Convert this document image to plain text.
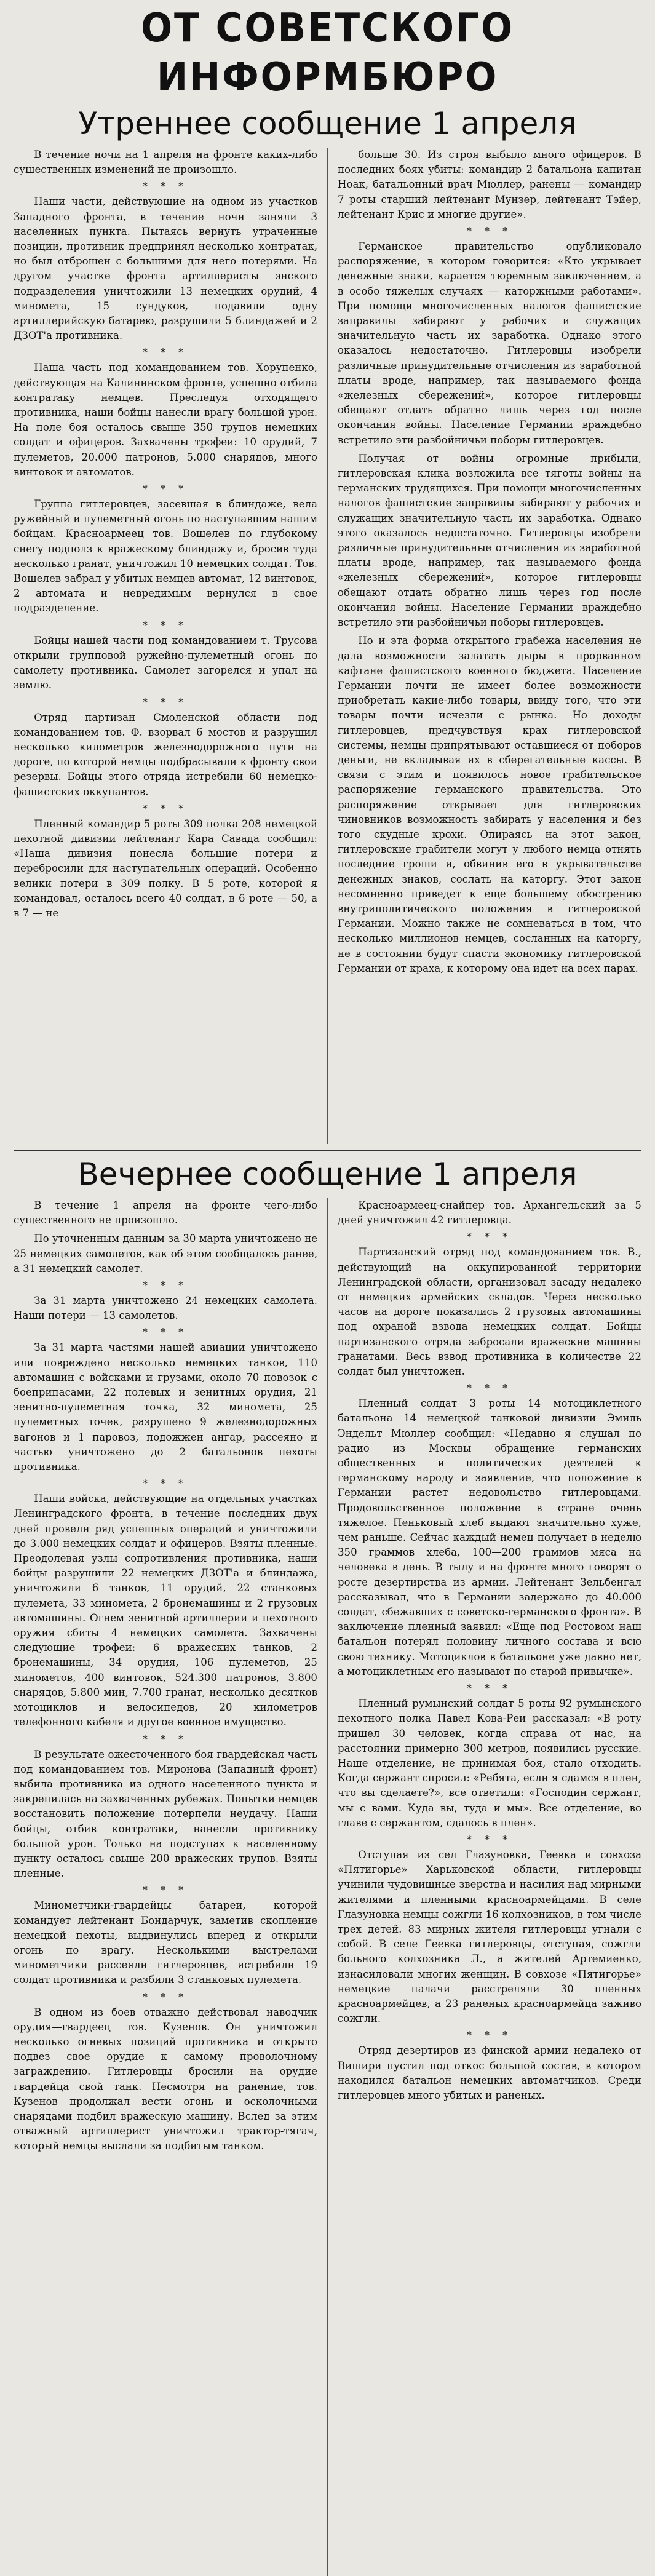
ОТ СОВЕТСКОГО ИНФОРМБЮРО
Утреннее сообщение 1 апреля

В течение ночи на 1 апреля на фронте каких-либо существенных изменений не произошло.

* * *

Наши части, действующие на одном из участков Западного фронта, в течение ночи заняли 3 населенных пункта. Пытаясь вернуть утраченные позиции, противник предпринял несколько контратак, но был отброшен с большими для него потерями. На другом участке фронта артиллеристы энского подразделения уничтожили 13 немецких орудий, 4 миномета, 15 сундуков, подавили одну артиллерийскую батарею, разрушили 5 блиндажей и 2 ДЗОТ'а противника.

* * *

Наша часть под командованием тов. Хорупенко, действующая на Калининском фронте, успешно отбила контратаку немцев. Преследуя отходящего противника, наши бойцы нанесли врагу большой урон. На поле боя осталось свыше 350 трупов немецких солдат и офицеров. Захвачены трофеи: 10 орудий, 7 пулеметов, 20.000 патронов, 5.000 снарядов, много винтовок и автоматов.

* * *

Группа гитлеровцев, засевшая в блиндаже, вела ружейный и пулеметный огонь по наступавшим нашим бойцам. Красноармеец тов. Вошелев по глубокому снегу подполз к вражескому блиндажу и, бросив туда несколько гранат, уничтожил 10 немецких солдат. Тов. Вошелев забрал у убитых немцев автомат, 12 винтовок, 2 автомата и невредимым вернулся в свое подразделение.

* * *

Бойцы нашей части под командованием т. Трусова открыли групповой ружейно-пулеметный огонь по самолету противника. Самолет загорелся и упал на землю.

* * *

Отряд партизан Смоленской области под командованием тов. Ф. взорвал 6 мостов и разрушил несколько километров железнодорожного пути на дороге, по которой немцы подбрасывали к фронту свои резервы. Бойцы этого отряда истребили 60 немецко-фашистских оккупантов.

* * *

Пленный командир 5 роты 309 полка 208 немецкой пехотной дивизии лейтенант Кара Савада сообщил: «Наша дивизия понесла большие потери и перебросили для наступательных операций. Особенно велики потери в 309 полку. В 5 роте, которой я командовал, осталось всего 40 солдат, в 6 роте — 50, а в 7 — не

больше 30. Из строя выбыло много офицеров. В последних боях убиты: командир 2 батальона капитан Ноак, батальонный врач Мюллер, ранены — командир 7 роты старший лейтенант Мунзер, лейтенант Тэйер, лейтенант Крис и многие другие».

* * *

Германское правительство опубликовало распоряжение, в котором говорится: «Кто укрывает денежные знаки, карается тюремным заключением, а в особо тяжелых случаях — каторжными работами». При помощи многочисленных налогов фашистские заправилы забирают у рабочих и служащих значительную часть их заработка. Однако этого оказалось недостаточно. Гитлеровцы изобрели различные принудительные отчисления из заработной платы вроде, например, так называемого фонда «железных сбережений», которое гитлеровцы обещают отдать обратно лишь через год после окончания войны. Население Германии враждебно встретило эти разбойничьи поборы гитлеровцев.

Получая от войны огромные прибыли, гитлеровская клика возложила все тяготы войны на германских трудящихся. При помощи многочисленных налогов фашистские заправилы забирают у рабочих и служащих значительную часть их заработка. Однако этого оказалось недостаточно. Гитлеровцы изобрели различные принудительные отчисления из заработной платы вроде, например, так называемого фонда «железных сбережений», которое гитлеровцы обещают отдать обратно лишь через год после окончания войны. Население Германии враждебно встретило эти разбойничьи поборы гитлеровцев.

Но и эта форма открытого грабежа населения не дала возможности залатать дыры в прорванном кафтане фашистского военного бюджета. Население Германии почти не имеет более возможности приобретать какие-либо товары, ввиду того, что эти товары почти исчезли с рынка. Но доходы гитлеровцев, предчувствуя крах гитлеровской системы, немцы припрятывают оставшиеся от поборов деньги, не вкладывая их в сберегательные кассы. В связи с этим и появилось новое грабительское распоряжение германского правительства. Это распоряжение открывает для гитлеровских чиновников возможность забирать у населения и без того скудные крохи. Опираясь на этот закон, гитлеровские грабители могут у любого немца отнять последние гроши и, обвинив его в укрывательстве денежных знаков, сослать на каторгу. Этот закон несомненно приведет к еще большему обострению внутриполитического положения в гитлеровской Германии. Можно также не сомневаться в том, что несколько миллионов немцев, сосланных на каторгу, не в состоянии будут спасти экономику гитлеровской Германии от краха, к которому она идет на всех парах.

Вечернее сообщение 1 апреля

В течение 1 апреля на фронте чего-либо существенного не произошло.

По уточненным данным за 30 марта уничтожено не 25 немецких самолетов, как об этом сообщалось ранее, а 31 немецкий самолет.

* * *

За 31 марта уничтожено 24 немецких самолета. Наши потери — 13 самолетов.

* * *

За 31 марта частями нашей авиации уничтожено или повреждено несколько немецких танков, 110 автомашин с войсками и грузами, около 70 повозок с боеприпасами, 22 полевых и зенитных орудия, 21 зенитно-пулеметная точка, 32 миномета, 25 пулеметных точек, разрушено 9 железнодорожных вагонов и 1 паровоз, подожжен ангар, рассеяно и частью уничтожено до 2 батальонов пехоты противника.

* * *

Наши войска, действующие на отдельных участках Ленинградского фронта, в течение последних двух дней провели ряд успешных операций и уничтожили до 3.000 немецких солдат и офицеров. Взяты пленные. Преодолевая узлы сопротивления противника, наши бойцы разрушили 22 немецких ДЗОТ'а и блиндажа, уничтожили 6 танков, 11 орудий, 22 станковых пулемета, 33 миномета, 2 бронемашины и 2 грузовых автомашины. Огнем зенитной артиллерии и пехотного оружия сбиты 4 немецких самолета. Захвачены следующие трофеи: 6 вражеских танков, 2 бронемашины, 34 орудия, 106 пулеметов, 25 минометов, 400 винтовок, 524.300 патронов, 3.800 снарядов, 5.800 мин, 7.700 гранат, несколько десятков мотоциклов и велосипедов, 20 километров телефонного кабеля и другое военное имущество.

* * *

В результате ожесточенного боя гвардейская часть под командованием тов. Миронова (Западный фронт) выбила противника из одного населенного пункта и закрепилась на захваченных рубежах. Попытки немцев восстановить положение потерпели неудачу. Наши бойцы, отбив контратаки, нанесли противнику большой урон. Только на подступах к населенному пункту осталось свыше 200 вражеских трупов. Взяты пленные.

* * *

Минометчики-гвардейцы батареи, которой командует лейтенант Бондарчук, заметив скопление немецкой пехоты, выдвинулись вперед и открыли огонь по врагу. Несколькими выстрелами минометчики рассеяли гитлеровцев, истребили 19 солдат противника и разбили 3 станковых пулемета.

* * *

В одном из боев отважно действовал наводчик орудия—гвардеец тов. Кузенов. Он уничтожил несколько огневых позиций противника и открыто подвез свое орудие к самому проволочному заграждению. Гитлеровцы бросили на орудие гвардейца свой танк. Несмотря на ранение, тов. Кузенов продолжал вести огонь и осколочными снарядами подбил вражескую машину. Вслед за этим отважный артиллерист уничтожил трактор-тягач, который немцы выслали за подбитым танком.

Красноармеец-снайпер тов. Архангельский за 5 дней уничтожил 42 гитлеровца.

* * *

Партизанский отряд под командованием тов. В., действующий на оккупированной территории Ленинградской области, организовал засаду недалеко от немецких армейских складов. Через несколько часов на дороге показались 2 грузовых автомашины под охраной взвода немецких солдат. Бойцы партизанского отряда забросали вражеские машины гранатами. Весь взвод противника в количестве 22 солдат был уничтожен.

* * *

Пленный солдат 3 роты 14 мотоциклетного батальона 14 немецкой танковой дивизии Эмиль Эндельт Мюллер сообщил: «Недавно я слушал по радио из Москвы обращение германских общественных и политических деятелей к германскому народу и заявление, что положение в Германии растет недовольство гитлеровцами. Продовольственное положение в стране очень тяжелое. Пеньковый хлеб выдают значительно хуже, чем раньше. Сейчас каждый немец получает в неделю 350 граммов хлеба, 100—200 граммов мяса на человека в день. В тылу и на фронте много говорят о росте дезертирства из армии. Лейтенант Зельбенгал рассказывал, что в Германии задержано до 40.000 солдат, сбежавших с советско-германского фронта». В заключение пленный заявил: «Еще под Ростовом наш батальон потерял половину личного состава и всю свою технику. Мотоциклов в батальоне уже давно нет, а мотоциклетным его называют по старой привычке».

* * *

Пленный румынский солдат 5 роты 92 румынского пехотного полка Павел Кова-Реи рассказал: «В роту пришел 30 человек, когда справа от нас, на расстоянии примерно 300 метров, появились русские. Наше отделение, не принимая боя, стало отходить. Когда сержант спросил: «Ребята, если я сдамся в плен, что вы сделаете?», все ответили: «Господин сержант, мы с вами. Куда вы, туда и мы». Все отделение, во главе с сержантом, сдалось в плен».

* * *

Отступая из сел Глазуновка, Геевка и совхоза «Пятигорье» Харьковской области, гитлеровцы учинили чудовищные зверства и насилия над мирными жителями и пленными красноармейцами. В селе Глазуновка немцы сожгли 16 колхозников, в том числе трех детей. 83 мирных жителя гитлеровцы угнали с собой. В селе Геевка гитлеровцы, отступая, сожгли больного колхозника Л., а жителей Артемиенко, изнасиловали многих женщин. В совхозе «Пятигорье» немецкие палачи расстреляли 30 пленных красноармейцев, а 23 раненых красноармейца заживо сожгли.

* * *

Отряд дезертиров из финской армии недалеко от Вишири пустил под откос большой состав, в котором находился батальон немецких автоматчиков. Среди гитлеровцев много убитых и раненых.
